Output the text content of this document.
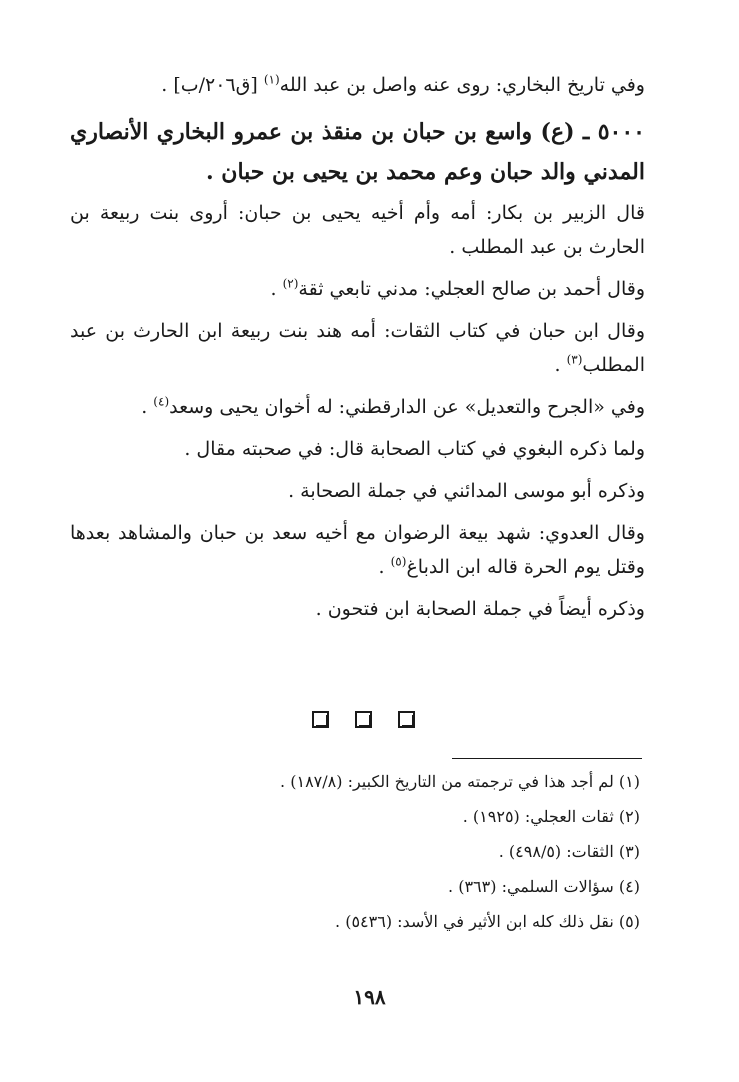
وفي تاريخ البخاري: روى عنه واصل بن عبد الله$^{(١)}$ [ق٢٠٦/ب] .
٥٠٠٠ ـ (ع) واسع بن حبان بن منقذ بن عمرو البخاري الأنصاري المدني والد حبان وعم محمد بن يحيى بن حبان .
قال الزبير بن بكار: أمه وأم أخيه يحيى بن حبان: أروى بنت ربيعة بن الحارث بن عبد المطلب .
وقال أحمد بن صالح العجلي: مدني تابعي ثقة$^{(٢)}$ .
وقال ابن حبان في كتاب الثقات: أمه هند بنت ربيعة ابن الحارث بن عبد المطلب$^{(٣)}$ .
وفي «الجرح والتعديل» عن الدارقطني: له أخوان يحيى وسعد$^{(٤)}$ .
ولما ذكره البغوي في كتاب الصحابة قال: في صحبته مقال .
وذكره أبو موسى المدائني في جملة الصحابة .
وقال العدوي: شهد بيعة الرضوان مع أخيه سعد بن حبان والمشاهد بعدها وقتل يوم الحرة قاله ابن الدباغ$^{(٥)}$ .
وذكره أيضاً في جملة الصحابة ابن فتحون .
(١) لم أجد هذا في ترجمته من التاريخ الكبير: (١٨٧/٨) .
(٢) ثقات العجلي: (١٩٢٥) .
(٣) الثقات: (٤٩٨/٥) .
(٤) سؤالات السلمي: (٣٦٣) .
(٥) نقل ذلك كله ابن الأثير في الأسد: (٥٤٣٦) .
١٩٨
